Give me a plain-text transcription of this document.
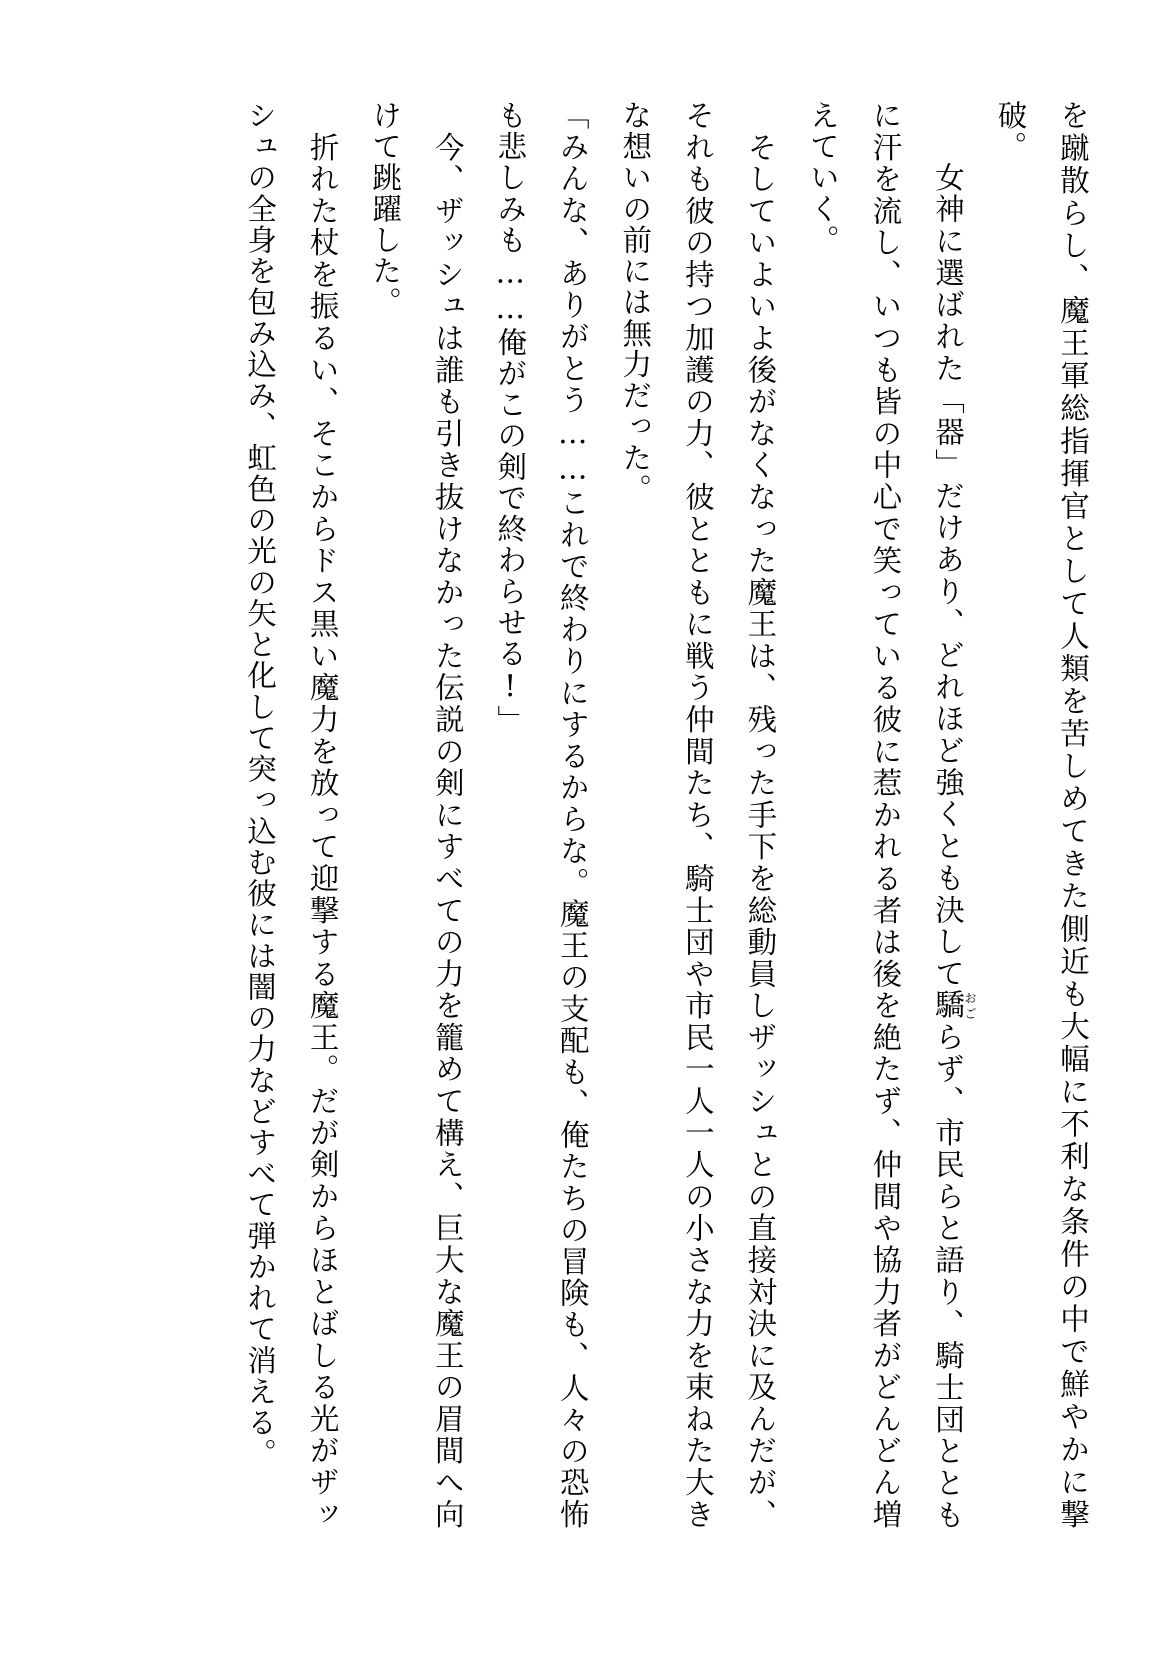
を蹴散らし、魔王軍総指揮官として人類を苦しめてきた側近も大幅に不利な条件の中で鮮やかに撃破。

　女神に選ばれた「器」だけあり、どれほど強くとも決して驕おごらず、市民らと語り、騎士団とともに汗を流し、いつも皆の中心で笑っている彼に惹かれる者は後を絶たず、仲間や協力者がどんどん増えていく。

　そしていよいよ後がなくなった魔王は、残った手下を総動員しザッシュとの直接対決に及んだが、それも彼の持つ加護の力、彼とともに戦う仲間たち、騎士団や市民一人一人の小さな力を束ねた大きな想いの前には無力だった。

「みんな、ありがとう……これで終わりにするからな。魔王の支配も、俺たちの冒険も、人々の恐怖も悲しみも……俺がこの剣で終わらせる!」

　今、ザッシュは誰も引き抜けなかった伝説の剣にすべての力を籠めて構え、巨大な魔王の眉間へ向けて跳躍した。

　折れた杖を振るい、そこからドス黒い魔力を放って迎撃する魔王。だが剣からほとばしる光がザッシュの全身を包み込み、虹色の光の矢と化して突っ込む彼には闇の力などすべて弾かれて消える。
